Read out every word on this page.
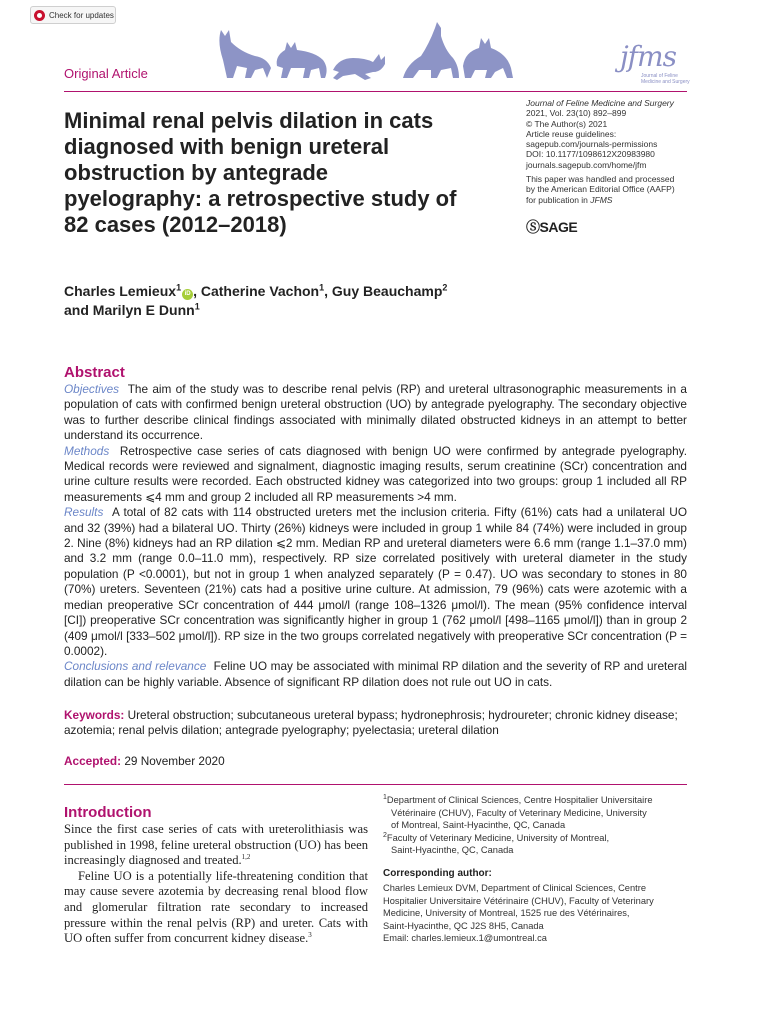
Check for updates
jfms
Journal of Feline
Medicine and Surgery
Original Article
Minimal renal pelvis dilation in cats diagnosed with benign ureteral obstruction by antegrade pyelography: a retrospective study of 82 cases (2012–2018)
Journal of Feline Medicine and Surgery
2021, Vol. 23(10) 892–899
© The Author(s) 2021
Article reuse guidelines:
sagepub.com/journals-permissions
DOI: 10.1177/1098612X20983980
journals.sagepub.com/home/jfm
This paper was handled and processed
by the American Editorial Office (AAFP)
for publication in JFMS
ⓈSAGE
Charles Lemieux$^1$iD , Catherine Vachon$^1$, Guy Beauchamp$^2$
and Marilyn E Dunn$^1$
Abstract

Objectives The aim of the study was to describe renal pelvis (RP) and ureteral ultrasonographic measurements in a population of cats with confirmed benign ureteral obstruction (UO) by antegrade pyelography. The secondary objective was to further describe clinical findings associated with minimally dilated obstructed kidneys in an attempt to better understand its occurrence.

Methods Retrospective case series of cats diagnosed with benign UO were confirmed by antegrade pyelography. Medical records were reviewed and signalment, diagnostic imaging results, serum creatinine (SCr) concentration and urine culture results were recorded. Each obstructed kidney was categorized into two groups: group 1 included all RP measurements ⩽4 mm and group 2 included all RP measurements >4 mm.

Results A total of 82 cats with 114 obstructed ureters met the inclusion criteria. Fifty (61%) cats had a unilateral UO and 32 (39%) had a bilateral UO. Thirty (26%) kidneys were included in group 1 while 84 (74%) were included in group 2. Nine (8%) kidneys had an RP dilation ⩽2 mm. Median RP and ureteral diameters were 6.6 mm (range 1.1–37.0 mm) and 3.2 mm (range 0.0–11.0 mm), respectively. RP size correlated positively with ureteral diameter in the study population (P <0.0001), but not in group 1 when analyzed separately (P = 0.47). UO was secondary to stones in 80 (70%) ureters. Seventeen (21%) cats had a positive urine culture. At admission, 79 (96%) cats were azotemic with a median preoperative SCr concentration of 444 μmol/l (range 108–1326 μmol/l). The mean (95% confidence interval [CI]) preoperative SCr concentration was significantly higher in group 1 (762 μmol/l [498–1165 μmol/l]) than in group 2 (409 μmol/l [333–502 μmol/l]). RP size in the two groups correlated negatively with preoperative SCr concentration (P = 0.0002).

Conclusions and relevance Feline UO may be associated with minimal RP dilation and the severity of RP and ureteral dilation can be highly variable. Absence of significant RP dilation does not rule out UO in cats.

Keywords: Ureteral obstruction; subcutaneous ureteral bypass; hydronephrosis; hydroureter; chronic kidney disease; azotemia; renal pelvis dilation; antegrade pyelography; pyelectasia; ureteral dilation
Accepted: 29 November 2020
Introduction

Since the first case series of cats with ureterolithiasis was published in 1998, feline ureteral obstruction (UO) has been increasingly diagnosed and treated.$^{1,2}$

Feline UO is a potentially life-threatening condition that may cause severe azotemia by decreasing renal blood flow and glomerular filtration rate secondary to increased pressure within the renal pelvis (RP) and ureter. Cats with UO often suffer from concurrent kidney disease.$^3$

$^1$Department of Clinical Sciences, Centre Hospitalier Universitaire
Vétérinaire (CHUV), Faculty of Veterinary Medicine, University
of Montreal, Saint-Hyacinthe, QC, Canada
$^2$Faculty of Veterinary Medicine, University of Montreal,
Saint-Hyacinthe, QC, Canada
Corresponding author:
Charles Lemieux DVM, Department of Clinical Sciences, Centre
Hospitalier Universitaire Vétérinaire (CHUV), Faculty of Veterinary
Medicine, University of Montreal, 1525 rue des Vétérinaires,
Saint-Hyacinthe, QC J2S 8H5, Canada
Email: charles.lemieux.1@umontreal.ca
